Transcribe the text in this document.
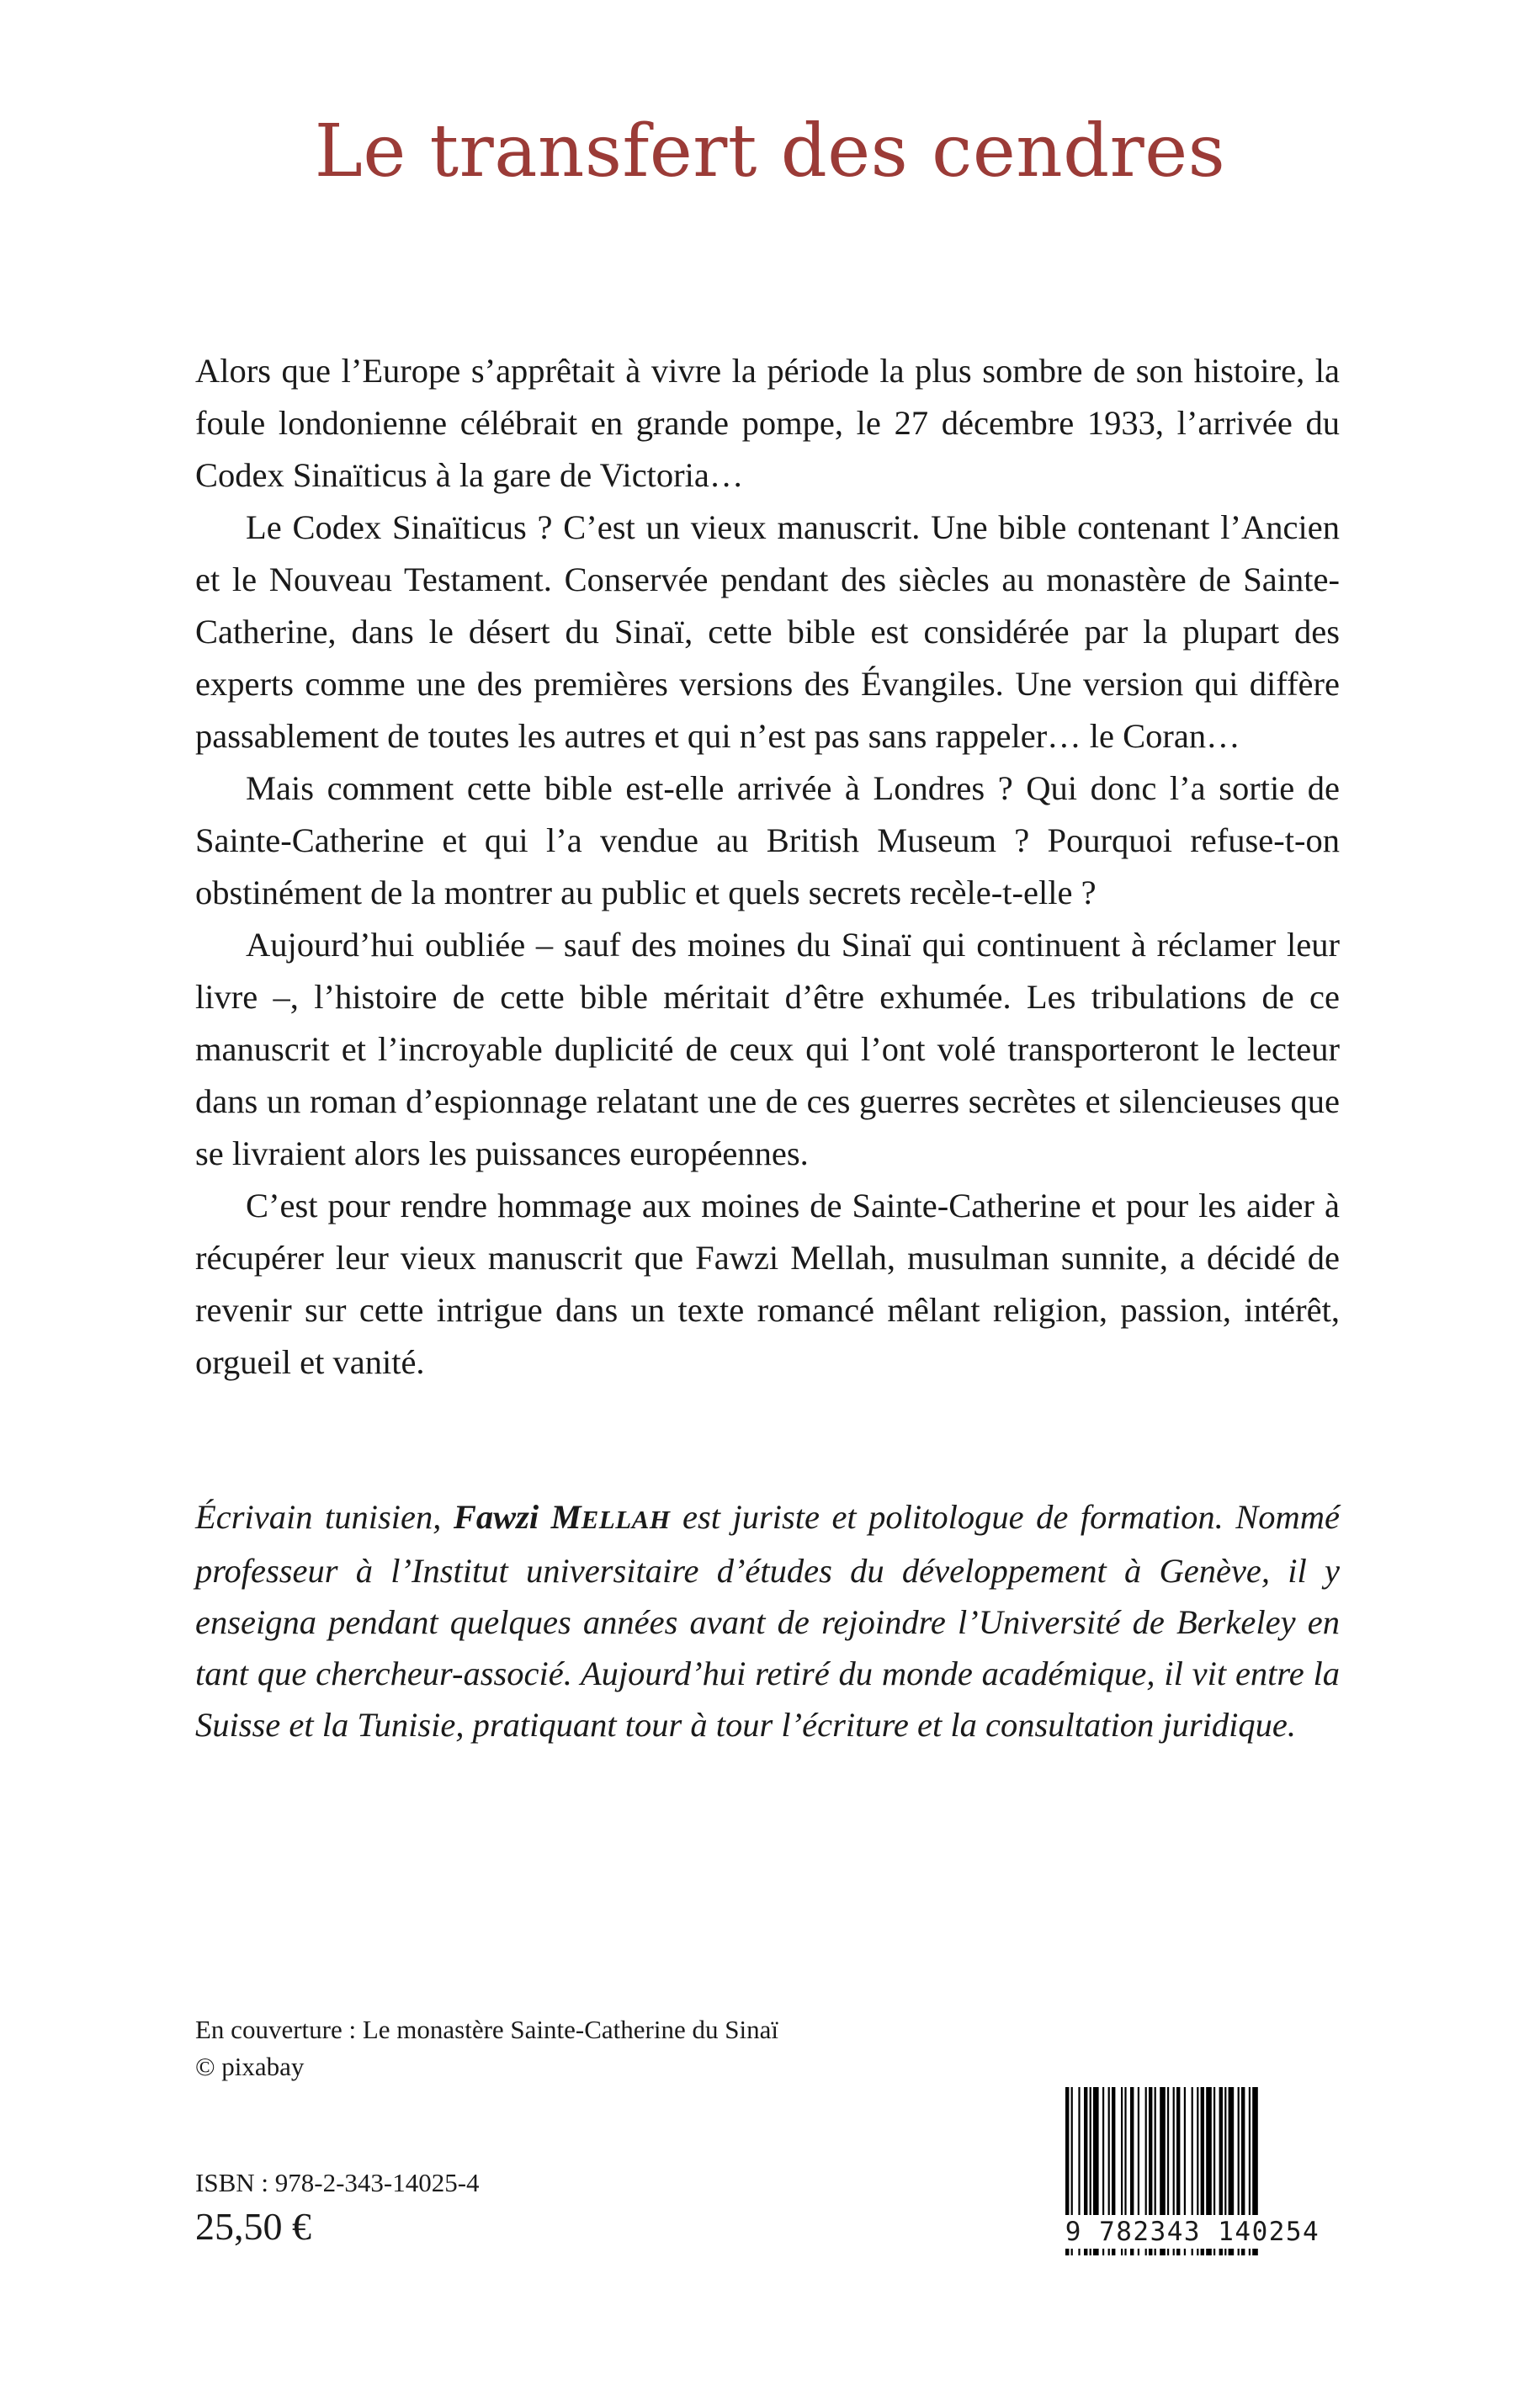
Le transfert des cendres

Alors que l’Europe s’apprêtait à vivre la période la plus sombre de son histoire, la foule londonienne célébrait en grande pompe, le 27 décembre 1933, l’arrivée du Codex Sinaïticus à la gare de Victoria…

Le Codex Sinaïticus ? C’est un vieux manuscrit. Une bible contenant l’Ancien et le Nouveau Testament. Conservée pendant des siècles au monastère de Sainte-Catherine, dans le désert du Sinaï, cette bible est considérée par la plupart des experts comme une des premières versions des Évangiles. Une version qui diffère passablement de toutes les autres et qui n’est pas sans rappeler… le Coran…

Mais comment cette bible est-elle arrivée à Londres ? Qui donc l’a sortie de Sainte-Catherine et qui l’a vendue au British Museum ? Pourquoi refuse-t-on obstinément de la montrer au public et quels secrets recèle-t-elle ?

Aujourd’hui oubliée – sauf des moines du Sinaï qui continuent à réclamer leur livre –, l’histoire de cette bible méritait d’être exhumée. Les tribulations de ce manuscrit et l’incroyable duplicité de ceux qui l’ont volé transporteront le lecteur dans un roman d’espionnage relatant une de ces guerres secrètes et silencieuses que se livraient alors les puissances européennes.

C’est pour rendre hommage aux moines de Sainte-Catherine et pour les aider à récupérer leur vieux manuscrit que Fawzi Mellah, musulman sunnite, a décidé de revenir sur cette intrigue dans un texte romancé mêlant religion, passion, intérêt, orgueil et vanité.

Écrivain tunisien, Fawzi MELLAH est juriste et politologue de formation. Nommé professeur à l’Institut universitaire d’études du développement à Genève, il y enseigna pendant quelques années avant de rejoindre l’Université de Berkeley en tant que chercheur-associé. Aujourd’hui retiré du monde académique, il vit entre la Suisse et la Tunisie, pratiquant tour à tour l’écriture et la consultation juridique.
En couverture : Le monastère Sainte-Catherine du Sinaï
© pixabay
ISBN : 978-2-343-14025-4
25,50 €	9 782343 140254
